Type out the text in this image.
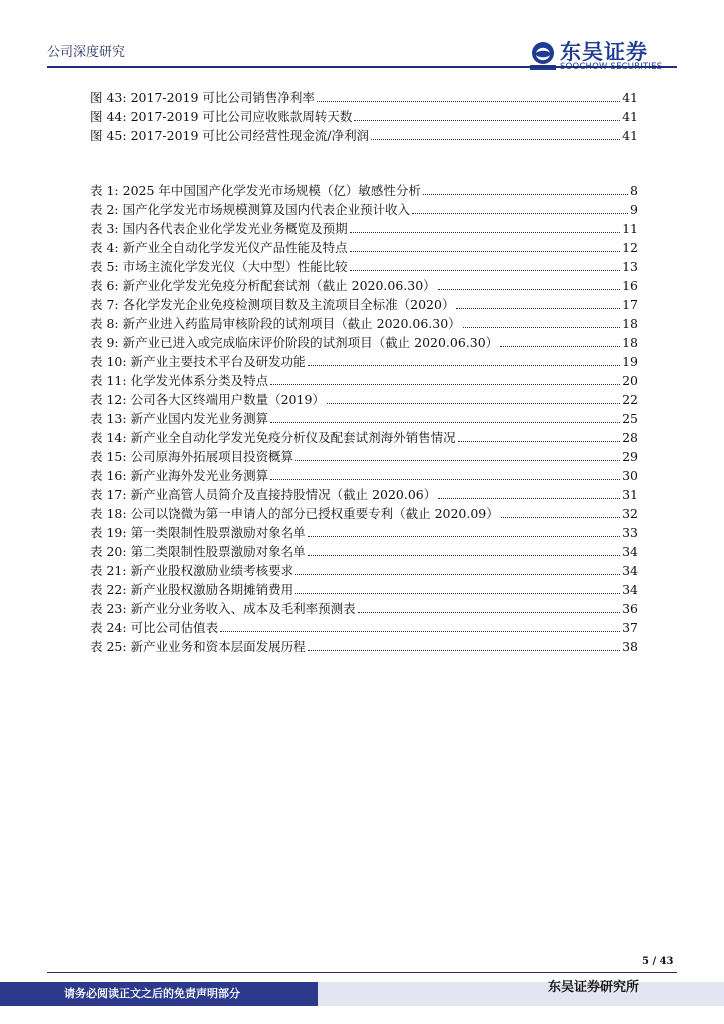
公司深度研究	东吴证券
SOOCHOW SECURITIES
图 43: 2017-2019 可比公司销售净利率	41
图 44: 2017-2019 可比公司应收账款周转天数	41
图 45: 2017-2019 可比公司经营性现金流/净利润	41
表 1: 2025 年中国国产化学发光市场规模（亿）敏感性分析	8
表 2: 国产化学发光市场规模测算及国内代表企业预计收入	9
表 3: 国内各代表企业化学发光业务概览及预期	11
表 4: 新产业全自动化学发光仪产品性能及特点	12
表 5: 市场主流化学发光仪（大中型）性能比较	13
表 6: 新产业化学发光免疫分析配套试剂（截止 2020.06.30）	16
表 7: 各化学发光企业免疫检测项目数及主流项目全标准（2020）	17
表 8: 新产业进入药监局审核阶段的试剂项目（截止 2020.06.30）	18
表 9: 新产业已进入或完成临床评价阶段的试剂项目（截止 2020.06.30）	18
表 10: 新产业主要技术平台及研发功能	19
表 11: 化学发光体系分类及特点	20
表 12: 公司各大区终端用户数量（2019）	22
表 13: 新产业国内发光业务测算	25
表 14: 新产业全自动化学发光免疫分析仪及配套试剂海外销售情况	28
表 15: 公司原海外拓展项目投资概算	29
表 16: 新产业海外发光业务测算	30
表 17: 新产业高管人员简介及直接持股情况（截止 2020.06）	31
表 18: 公司以饶微为第一申请人的部分已授权重要专利（截止 2020.09）	32
表 19: 第一类限制性股票激励对象名单	33
表 20: 第二类限制性股票激励对象名单	34
表 21: 新产业股权激励业绩考核要求	34
表 22: 新产业股权激励各期摊销费用	34
表 23: 新产业分业务收入、成本及毛利率预测表	36
表 24: 可比公司估值表	37
表 25: 新产业业务和资本层面发展历程	38
5 / 43
请务必阅读正文之后的免责声明部分	东吴证券研究所
